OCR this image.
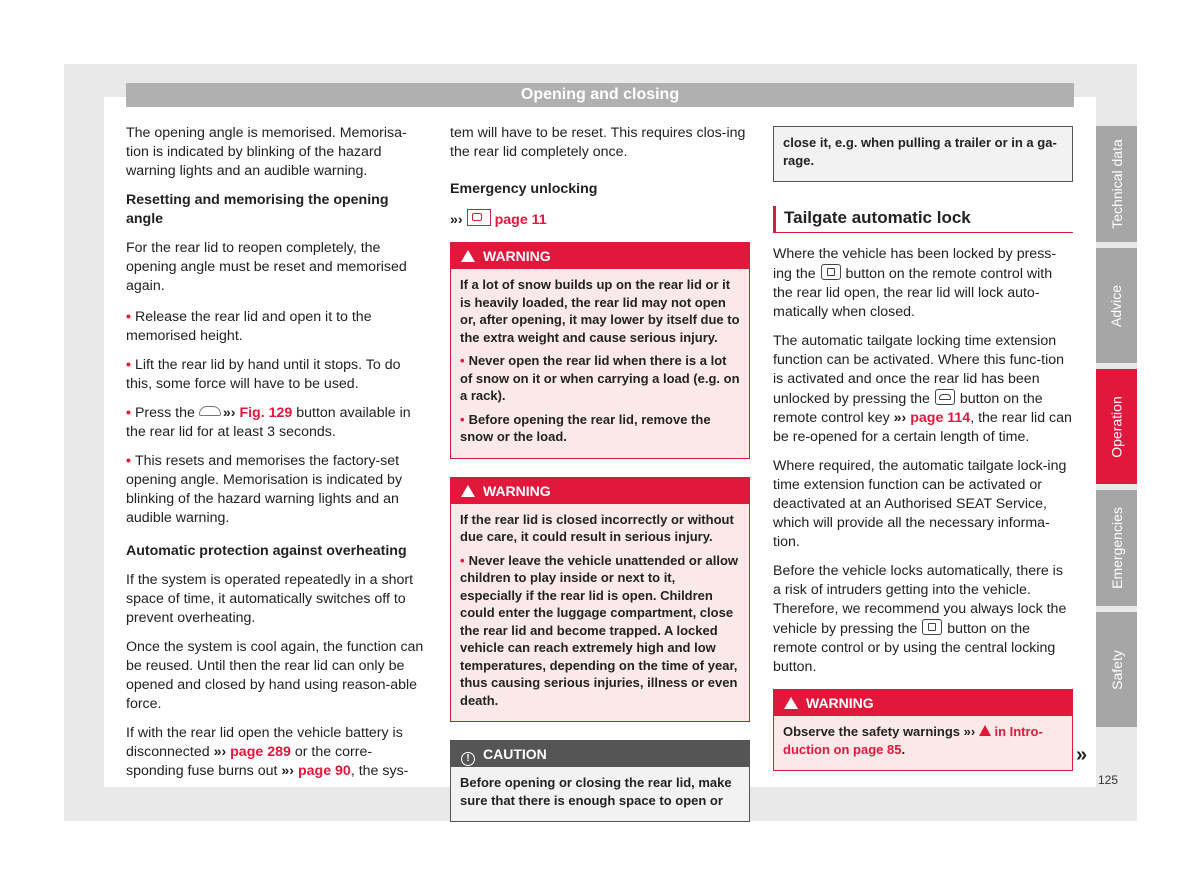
Opening and closing

The opening angle is memorised. Memorisa-tion is indicated by blinking of the hazard warning lights and an audible warning.

Resetting and memorising the opening angle

For the rear lid to reopen completely, the opening angle must be reset and memorised again.

• Release the rear lid and open it to the memorised height.

• Lift the rear lid by hand until it stops. To do this, some force will have to be used.

• Press the »› Fig. 129 button available in the rear lid for at least 3 seconds.

• This resets and memorises the factory-set opening angle. Memorisation is indicated by blinking of the hazard warning lights and an audible warning.

Automatic protection against overheating

If the system is operated repeatedly in a short space of time, it automatically switches off to prevent overheating.

Once the system is cool again, the function can be reused. Until then the rear lid can only be opened and closed by hand using reason-able force.

If with the rear lid open the vehicle battery is disconnected »› page 289 or the corre-sponding fuse burns out »› page 90, the sys-

tem will have to be reset. This requires clos-ing the rear lid completely once.

Emergency unlocking

»› page 11

WARNING

If a lot of snow builds up on the rear lid or it is heavily loaded, the rear lid may not open or, after opening, it may lower by itself due to the extra weight and cause serious injury.

• Never open the rear lid when there is a lot of snow on it or when carrying a load (e.g. on a rack).

• Before opening the rear lid, remove the snow or the load.

WARNING

If the rear lid is closed incorrectly or without due care, it could result in serious injury.

• Never leave the vehicle unattended or allow children to play inside or next to it, especially if the rear lid is open. Children could enter the luggage compartment, close the rear lid and become trapped. A locked vehicle can reach extremely high and low temperatures, depending on the time of year, thus causing serious injuries, illness or even death.

! CAUTION

Before opening or closing the rear lid, make sure that there is enough space to open or

close it, e.g. when pulling a trailer or in a ga-rage.

Tailgate automatic lock

Where the vehicle has been locked by press-ing the button on the remote control with the rear lid open, the rear lid will lock auto-matically when closed.

The automatic tailgate locking time extension function can be activated. Where this func-tion is activated and once the rear lid has been unlocked by pressing the button on the remote control key »› page 114, the rear lid can be re-opened for a certain length of time.

Where required, the automatic tailgate lock-ing time extension function can be activated or deactivated at an Authorised SEAT Service, which will provide all the necessary informa-tion.

Before the vehicle locks automatically, there is a risk of intruders getting into the vehicle. Therefore, we recommend you always lock the vehicle by pressing the button on the remote control or by using the central locking button.

WARNING

Observe the safety warnings »› in Intro-duction on page 85.	»
Technical data
Advice
Operation
Emergencies
Safety
125
